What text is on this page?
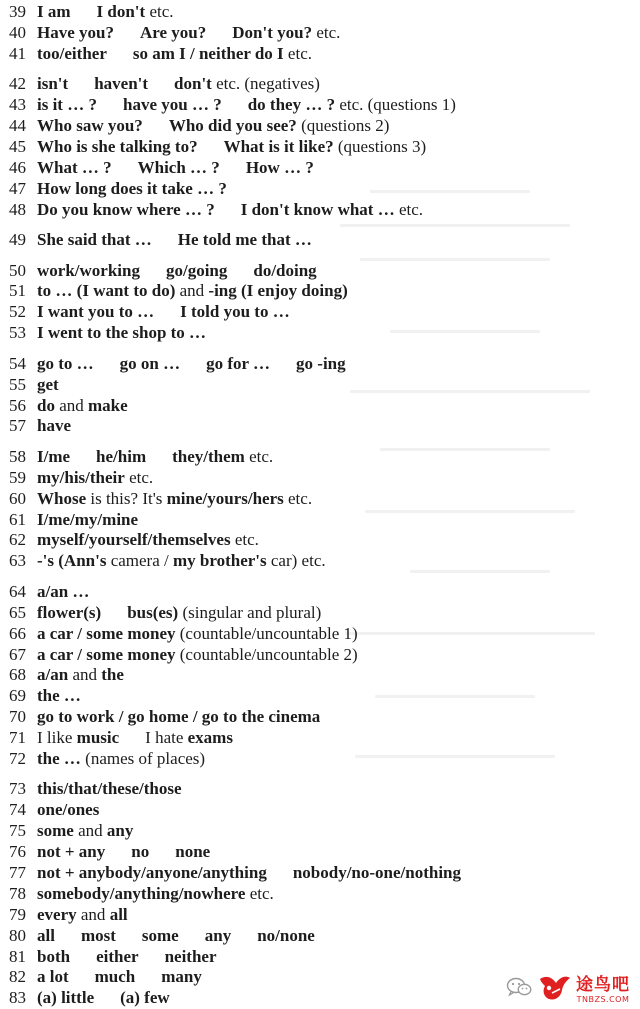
39 I am I don't etc.
40 Have you? Are you? Don't you? etc.
41 too/either so am I / neither do I etc.
42 isn't haven't don't etc. (negatives)
43 is it … ? have you … ? do they … ? etc. (questions 1)
44 Who saw you? Who did you see? (questions 2)
45 Who is she talking to? What is it like? (questions 3)
46 What … ? Which … ? How … ?
47 How long does it take … ?
48 Do you know where … ? I don't know what … etc.
49 She said that … He told me that …
50 work/working go/going do/doing
51 to … (I want to do) and -ing (I enjoy doing)
52 I want you to … I told you to …
53 I went to the shop to …
54 go to … go on … go for … go -ing
55 get
56 do and make
57 have
58 I/me he/him they/them etc.
59 my/his/their etc.
60 Whose is this? It's mine/yours/hers etc.
61 I/me/my/mine
62 myself/yourself/themselves etc.
63 -'s (Ann's camera / my brother's car) etc.
64 a/an …
65 flower(s) bus(es) (singular and plural)
66 a car / some money (countable/uncountable 1)
67 a car / some money (countable/uncountable 2)
68 a/an and the
69 the …
70 go to work / go home / go to the cinema
71 I like music I hate exams
72 the … (names of places)
73 this/that/these/those
74 one/ones
75 some and any
76 not + any no none
77 not + anybody/anyone/anything nobody/no-one/nothing
78 somebody/anything/nowhere etc.
79 every and all
80 all most some any no/none
81 both either neither
82 a lot much many
83 (a) little (a) few
途鸟吧
TNBZS.COM
